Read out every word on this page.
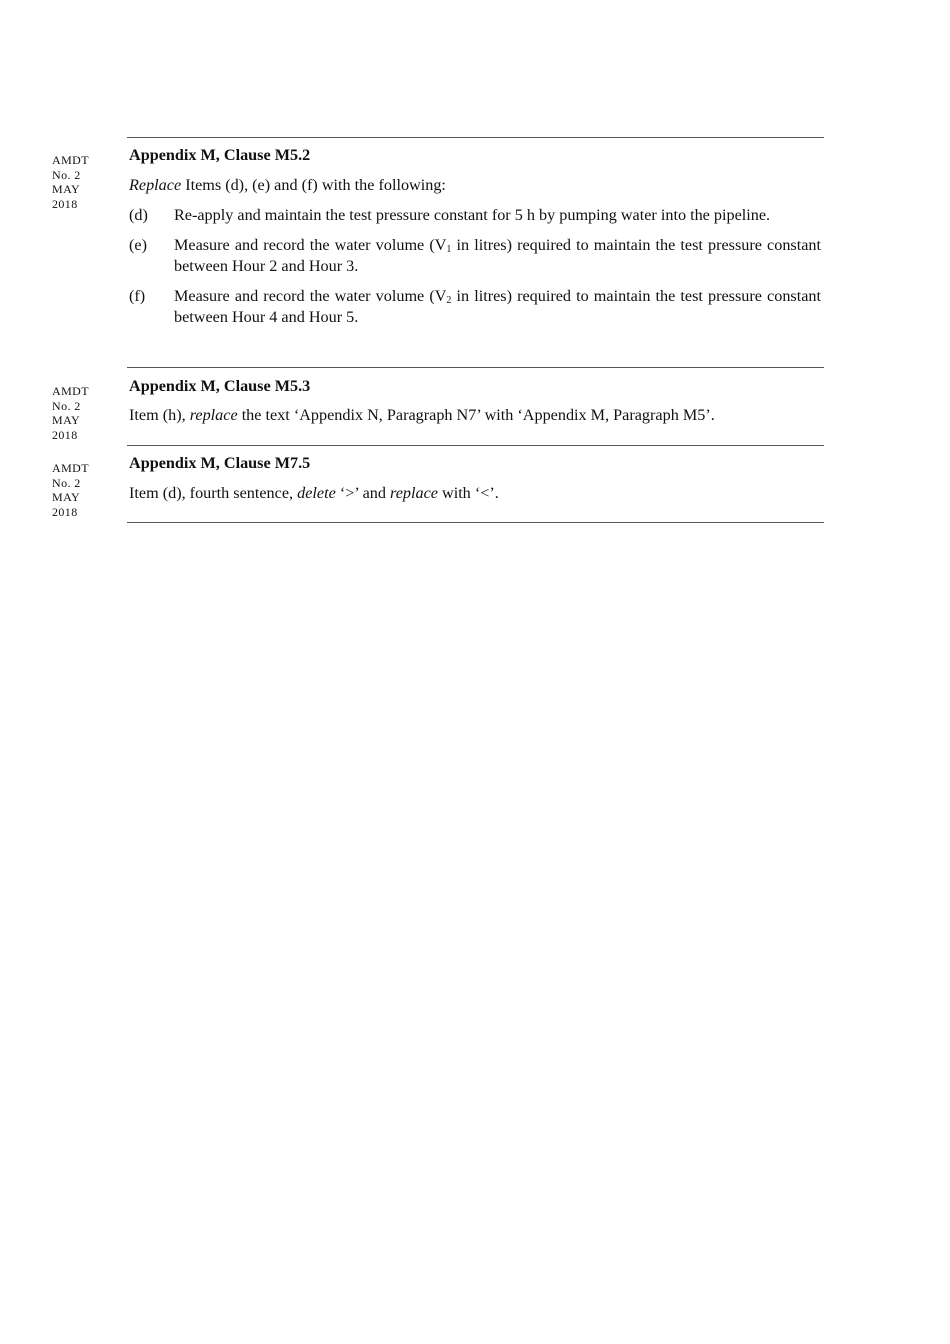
AMDT
No. 2
MAY
2018
AMDT
No. 2
MAY
2018
AMDT
No. 2
MAY
2018

Appendix M, Clause M5.2

Replace Items (d), (e) and (f) with the following:

(d)	Re-apply and maintain the test pressure constant for 5 h by pumping water into the pipeline.
(e)	Measure and record the water volume ($V_1$ in litres) required to maintain the test pressure constant between Hour 2 and Hour 3.
(f)	Measure and record the water volume ($V_2$ in litres) required to maintain the test pressure constant between Hour 4 and Hour 5.

Appendix M, Clause M5.3

Item (h), replace the text ‘Appendix N, Paragraph N7’ with ‘Appendix M, Paragraph M5’.

Appendix M, Clause M7.5

Item (d), fourth sentence, delete ‘>’ and replace with ‘<’.
